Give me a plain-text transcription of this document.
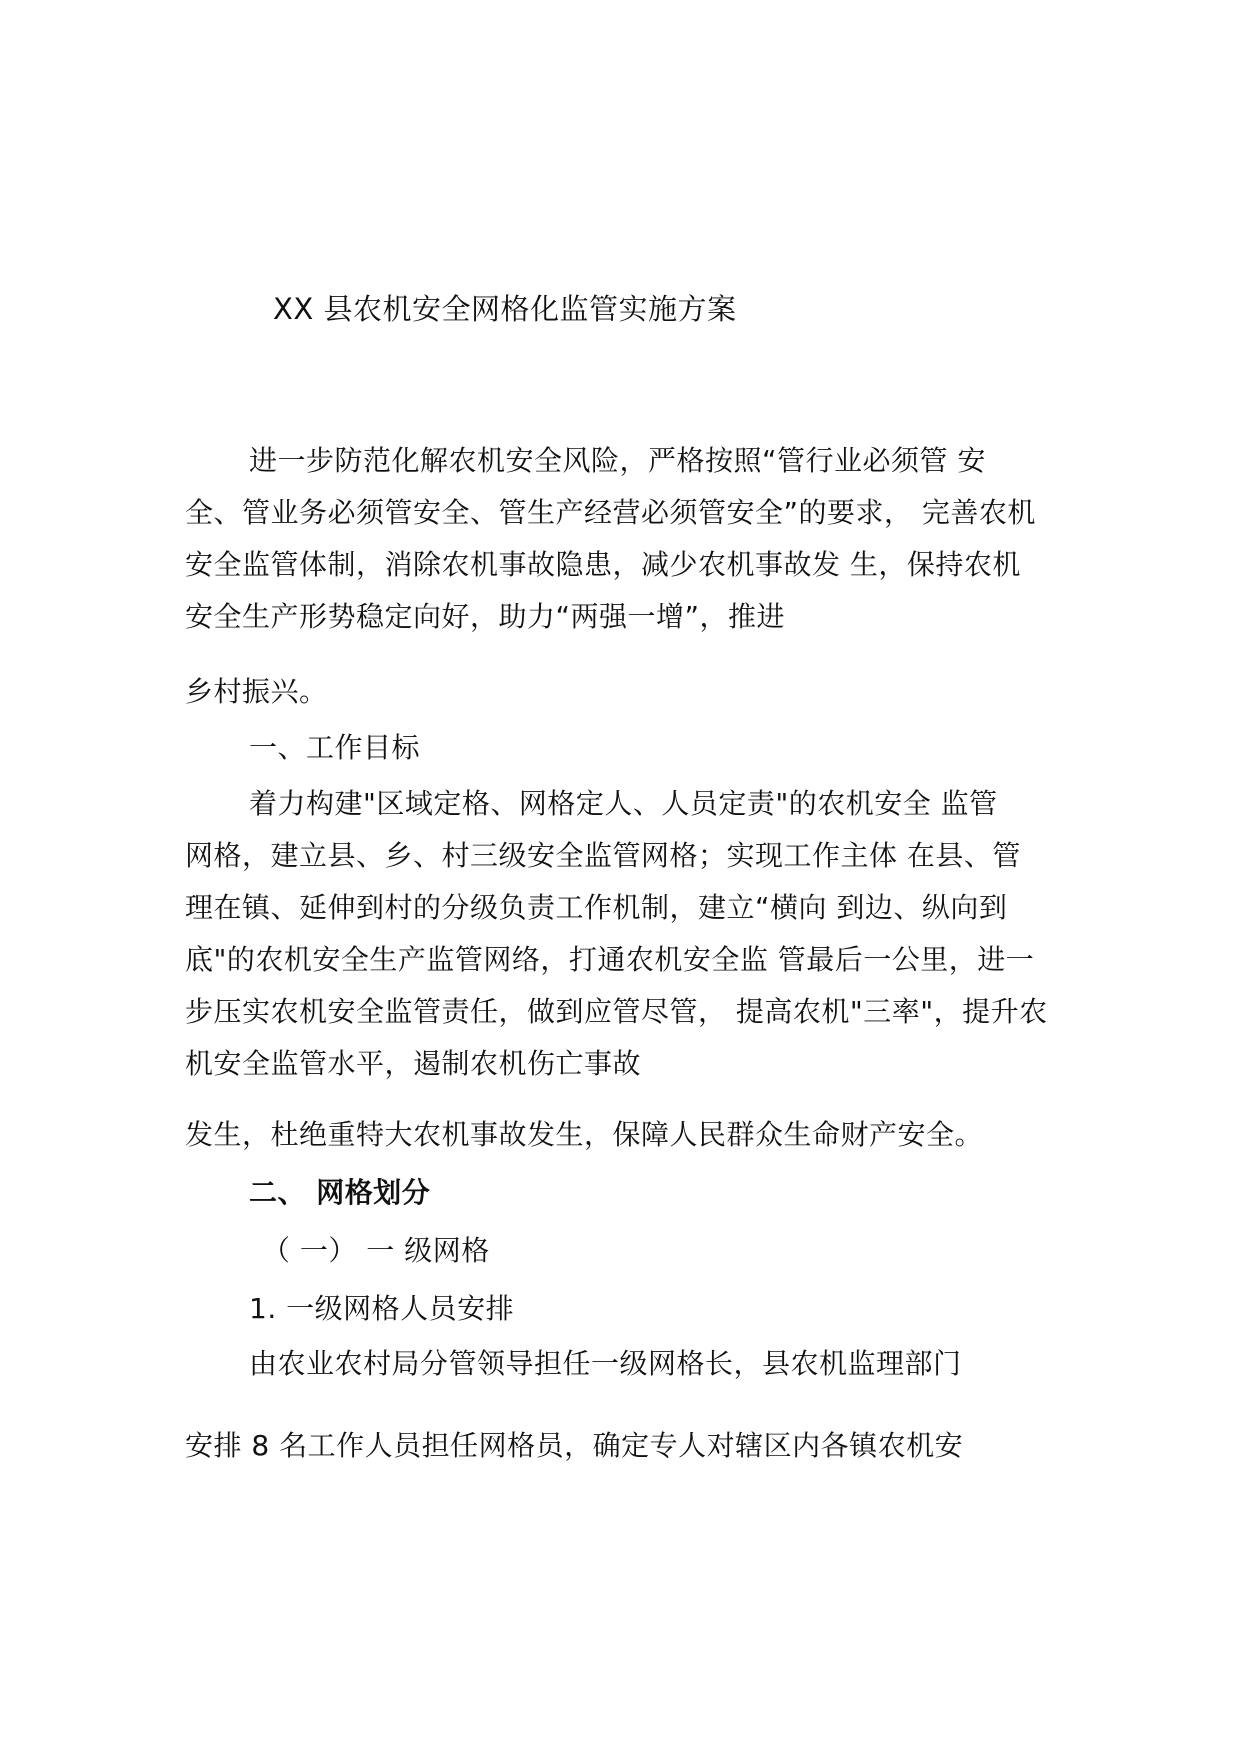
XX 县农机安全网格化监管实施方案
进一步防范化解农机安全风险，严格按照“管行业必须管 安
全、管业务必须管安全、管生产经营必须管安全”的要求， 完善农机
安全监管体制，消除农机事故隐患，减少农机事故发 生，保持农机
安全生产形势稳定向好，助力“两强一增”，推进
乡村振兴。
一、工作目标
着力构建"区域定格、网格定人、人员定责"的农机安全 监管
网格，建立县、乡、村三级安全监管网格；实现工作主体 在县、管
理在镇、延伸到村的分级负责工作机制，建立“横向 到边、纵向到
底"的农机安全生产监管网络，打通农机安全监 管最后一公里，进一
步压实农机安全监管责任，做到应管尽管， 提高农机"三率"，提升农
机安全监管水平，遏制农机伤亡事故
发生，杜绝重特大农机事故发生，保障人民群众生命财产安全。
二、 网格划分
（ 一） 一 级网格
1. 一级网格人员安排
由农业农村局分管领导担任一级网格长，县农机监理部门
安排 8 名工作人员担任网格员，确定专人对辖区内各镇农机安
